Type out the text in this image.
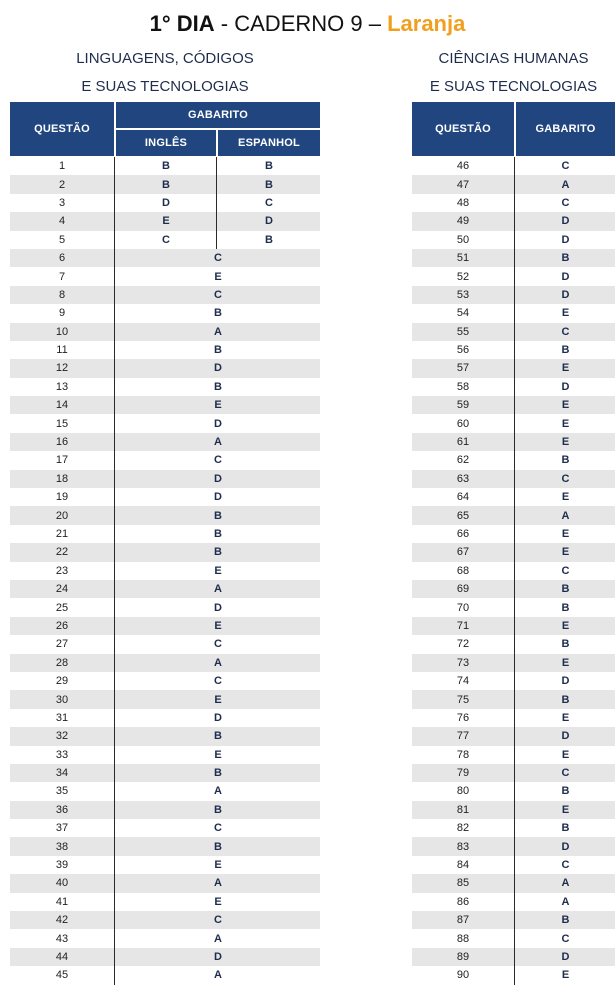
1° DIA - CADERNO 9 – Laranja
LINGUAGENS, CÓDIGOS
E SUAS TECNOLOGIAS
CIÊNCIAS HUMANAS
E SUAS TECNOLOGIAS
QUESTÃO
GABARITO
INGLÊS	ESPANHOL
QUESTÃO	GABARITO
1	B	B
2	B	B
3	D	C
4	E	D
5	C	B
6	C
7	E
8	C
9	B
10	A
11	B
12	D
13	B
14	E
15	D
16	A
17	C
18	D
19	D
20	B
21	B
22	B
23	E
24	A
25	D
26	E
27	C
28	A
29	C
30	E
31	D
32	B
33	E
34	B
35	A
36	B
37	C
38	B
39	E
40	A
41	E
42	C
43	A
44	D
45	A
46	C
47	A
48	C
49	D
50	D
51	B
52	D
53	D
54	E
55	C
56	B
57	E
58	D
59	E
60	E
61	E
62	B
63	C
64	E
65	A
66	E
67	E
68	C
69	B
70	B
71	E
72	B
73	E
74	D
75	B
76	E
77	D
78	E
79	C
80	B
81	E
82	B
83	D
84	C
85	A
86	A
87	B
88	C
89	D
90	E
